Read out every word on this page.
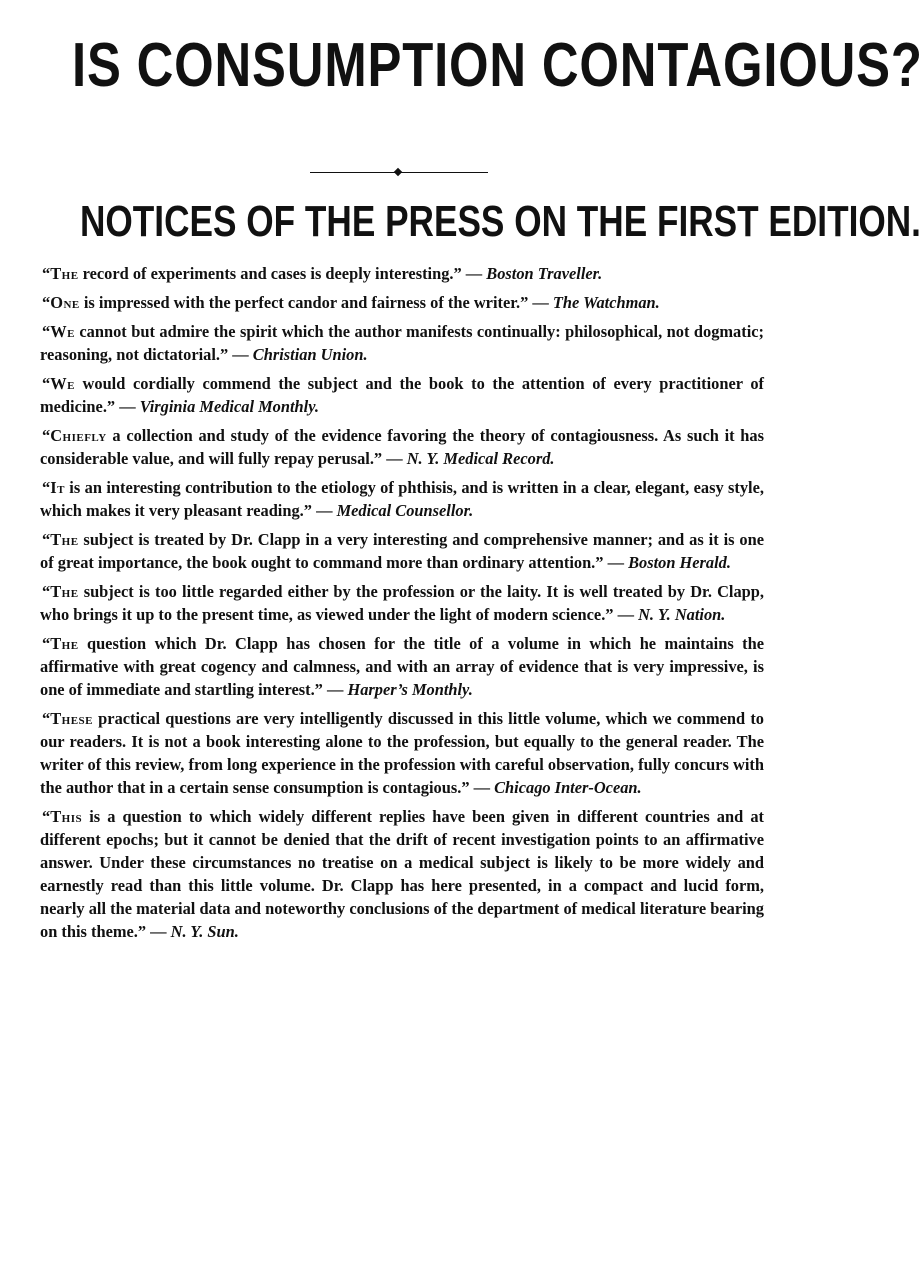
IS CONSUMPTION CONTAGIOUS?
NOTICES OF THE PRESS ON THE FIRST EDITION.

“The record of experiments and cases is deeply interesting.” — Boston Traveller.

“One is impressed with the perfect candor and fairness of the writer.” — The Watchman.

“We cannot but admire the spirit which the author manifests continually: philosophical, not dogmatic; reasoning, not dictatorial.” — Christian Union.

“We would cordially commend the subject and the book to the attention of every practitioner of medicine.” — Virginia Medical Monthly.

“Chiefly a collection and study of the evidence favoring the theory of contagiousness. As such it has considerable value, and will fully repay perusal.” — N. Y. Medical Record.

“It is an interesting contribution to the etiology of phthisis, and is written in a clear, elegant, easy style, which makes it very pleasant reading.” — Medical Counsellor.

“The subject is treated by Dr. Clapp in a very interesting and comprehensive manner; and as it is one of great importance, the book ought to command more than ordinary attention.” — Boston Herald.

“The subject is too little regarded either by the profession or the laity. It is well treated by Dr. Clapp, who brings it up to the present time, as viewed under the light of modern science.” — N. Y. Nation.

“The question which Dr. Clapp has chosen for the title of a volume in which he maintains the affirmative with great cogency and calmness, and with an array of evidence that is very impressive, is one of immediate and startling interest.” — Harper’s Monthly.

“These practical questions are very intelligently discussed in this little volume, which we commend to our readers. It is not a book interesting alone to the profession, but equally to the general reader. The writer of this review, from long experience in the profession with careful observation, fully concurs with the author that in a certain sense consumption is contagious.” — Chicago Inter-Ocean.

“This is a question to which widely different replies have been given in different countries and at different epochs; but it cannot be denied that the drift of recent investigation points to an affirmative answer. Under these circumstances no treatise on a medical subject is likely to be more widely and earnestly read than this little volume. Dr. Clapp has here presented, in a compact and lucid form, nearly all the material data and noteworthy conclusions of the department of medical literature bearing on this theme.” — N. Y. Sun.
